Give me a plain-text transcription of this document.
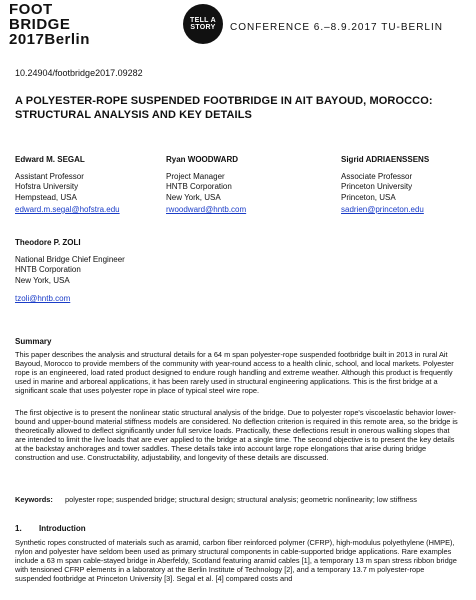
FOOT
BRIDGE
2017Berlin
TELL A
STORY CONFERENCE 6.–8.9.2017 TU-BERLIN
10.24904/footbridge2017.09282
A POLYESTER-ROPE SUSPENDED FOOTBRIDGE IN AIT BAYOUD, MOROCCO: STRUCTURAL ANALYSIS AND KEY DETAILS
Edward M. SEGAL
Assistant Professor
Hofstra University
Hempstead, USA
edward.m.segal@hofstra.edu
Ryan WOODWARD
Project Manager
HNTB Corporation
New York, USA
rwoodward@hntb.com
Sigrid ADRIAENSSENS
Associate Professor
Princeton University
Princeton, USA
sadrien@princeton.edu
Theodore P. ZOLI
National Bridge Chief Engineer
HNTB Corporation
New York, USA
tzoli@hntb.com
Summary
This paper describes the analysis and structural details for a 64 m span polyester-rope suspended footbridge built in 2013 in rural Ait Bayoud, Morocco to provide members of the community with year-round access to a health clinic, school, and local markets. Polyester rope is an engineered, load rated product designed to endure rough handling and extreme weather. Although this product is frequently used in marine and arboreal applications, it has been rarely used in structural engineering applications. This is the first bridge at a significant scale that uses polyester rope in place of typical steel wire rope.
The first objective is to present the nonlinear static structural analysis of the bridge. Due to polyester rope's viscoelastic behavior lower-bound and upper-bound material stiffness models are considered. No deflection criterion is required in this remote area, so the bridge is theoretically allowed to deflect significantly under full service loads. Practically, these deflections result in onerous walking slopes that are intended to limit the live loads that are ever applied to the bridge at a single time. The second objective is to present the key details at the backstay anchorages and tower saddles. These details take into account large rope elongations that arise during bridge construction and use. Constructability, adjustability, and longevity of these details are discussed.
Keywords:	polyester rope; suspended bridge; structural design; structural analysis; geometric nonlinearity; low stiffness
1. Introduction
Synthetic ropes constructed of materials such as aramid, carbon fiber reinforced polymer (CFRP), high-modulus polyethylene (HMPE), nylon and polyester have seldom been used as primary structural components in cable-supported bridge applications. Rare examples include a 63 m span cable-stayed bridge in Aberfeldy, Scotland featuring aramid cables [1], a temporary 13 m span stress ribbon bridge with tensioned CFRP elements in a laboratory at the Berlin Institute of Technology [2], and a temporary 13.7 m polyester-rope suspended footbridge at Princeton University [3]. Segal et al. [4] compared costs and
